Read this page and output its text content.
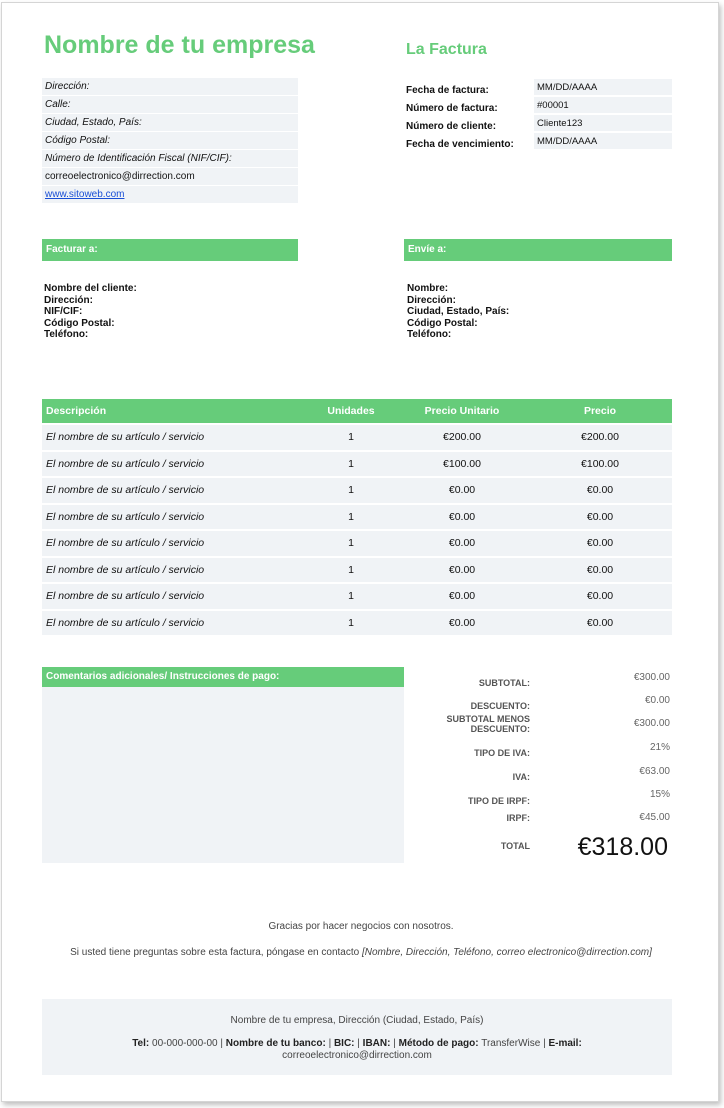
Nombre de tu empresa	La Factura
Dirección:
Calle:
Ciudad, Estado, País:
Código Postal:
Número de Identificación Fiscal (NIF/CIF):
correoelectronico@dirrection.com
www.sitoweb.com
Fecha de factura:	MM/DD/AAAA
Número de factura:	#00001
Número de cliente:	Cliente123
Fecha de vencimiento:	MM/DD/AAAA
Facturar a:
Nombre del cliente:
Dirección:
NIF/CIF:
Código Postal:
Teléfono:
Envíe a:
Nombre:
Dirección:
Ciudad, Estado, País:
Código Postal:
Teléfono:
Descripción	Unidades	Precio Unitario	Precio
El nombre de su artículo / servicio	1	€200.00	€200.00
El nombre de su artículo / servicio	1	€100.00	€100.00
El nombre de su artículo / servicio	1	€0.00	€0.00
El nombre de su artículo / servicio	1	€0.00	€0.00
El nombre de su artículo / servicio	1	€0.00	€0.00
El nombre de su artículo / servicio	1	€0.00	€0.00
El nombre de su artículo / servicio	1	€0.00	€0.00
El nombre de su artículo / servicio	1	€0.00	€0.00
Comentarios adicionales/ Instrucciones de pago:
SUBTOTAL:	€300.00
DESCUENTO:	€0.00
SUBTOTAL MENOS
DESCUENTO:	€300.00
TIPO DE IVA:	21%
IVA:	€63.00
TIPO DE IRPF:
15%
IRPF:	€45.00
TOTAL €318.00
Gracias por hacer negocios con nosotros.
Si usted tiene preguntas sobre esta factura, póngase en contacto [Nombre, Dirección, Teléfono, correo electronico@dirrection.com]
Nombre de tu empresa, Dirección (Ciudad, Estado, País)
Tel: 00-000-000-00 | Nombre de tu banco: | BIC: | IBAN: | Método de pago: TransferWise | E-mail:
correoelectronico@dirrection.com
